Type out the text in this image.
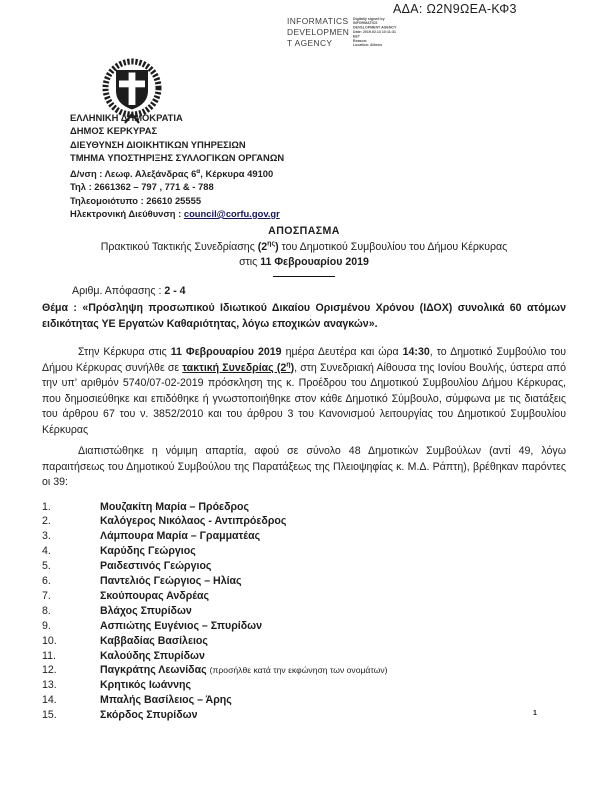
ΑΔΑ: Ω2Ν9ΩΕΑ-ΚΦ3
INFORMATICS
DEVELOPMEN
T AGENCY
Digitally signed by
INFORMATICS
DEVELOPMENT AGENCY
Date: 2019.02.13 10:11:31
EET
Reason:
Location: Athens
ΕΛΛΗΝΙΚΗ ΔΗΜΟΚΡΑΤΙΑ
ΔΗΜΟΣ ΚΕΡΚΥΡΑΣ
ΔΙΕΥΘΥΝΣΗ ΔΙΟΙΚΗΤΙΚΩΝ ΥΠΗΡΕΣΙΩΝ
ΤΜΗΜΑ ΥΠΟΣΤΗΡΙΞΗΣ ΣΥΛΛΟΓΙΚΩΝ ΟΡΓΑΝΩΝ
Δ/νση : Λεωφ. Αλεξάνδρας $6^\alpha$, Κέρκυρα 49100
Τηλ : 2661362 – 797 , 771 & - 788
Τηλεομοιότυπο : 26610 25555
Ηλεκτρονική Διεύθυνση : council@corfu.gov.gr
ΑΠΟΣΠΑΣΜΑ
Πρακτικού Τακτικής Συνεδρίασης $(2^{\eta\varsigma})$ του Δημοτικού Συμβουλίου του Δήμου Κέρκυρας
στις 11 Φεβρουαρίου 2019
Αριθμ. Απόφασης : 2 - 4

Θέμα : «Πρόσληψη προσωπικού Ιδιωτικού Δικαίου Ορισμένου Χρόνου (ΙΔΟΧ) συνολικά 60 ατόμων ειδικότητας ΥΕ Εργατών Καθαριότητας, λόγω εποχικών αναγκών».

Στην Κέρκυρα στις 11 Φεβρουαρίου 2019 ημέρα Δευτέρα και ώρα 14:30, το Δημοτικό Συμβούλιο του Δήμου Κέρκυρας συνήλθε σε τακτική Συνεδρίας $(2^\eta)$, στη Συνεδριακή Αίθουσα της Ιονίου Βουλής, ύστερα από την υπ’ αριθμόν 5740/07-02-2019 πρόσκληση της κ. Προέδρου του Δημοτικού Συμβουλίου Δήμου Κέρκυρας, που δημοσιεύθηκε και επιδόθηκε ή γνωστοποιήθηκε στον κάθε Δημοτικό Σύμβουλο, σύμφωνα με τις διατάξεις του άρθρου 67 του ν. 3852/2010 και του άρθρου 3 του Κανονισμού λειτουργίας του Δημοτικού Συμβουλίου Κέρκυρας

Διαπιστώθηκε η νόμιμη απαρτία, αφού σε σύνολο 48 Δημοτικών Συμβούλων (αντί 49, λόγω παραιτήσεως του Δημοτικού Συμβούλου της Παρατάξεως της Πλειοψηφίας κ. Μ.Δ. Ράπτη), βρέθηκαν παρόντες οι 39:

1.	Μουζακίτη Μαρία – Πρόεδρος
2.	Καλόγερος Νικόλαος - Αντιπρόεδρος
3.	Λάμπουρα Μαρία – Γραμματέας
4.	Καρύδης Γεώργιος
5.	Ραιδεστινός Γεώργιος
6.	Παντελιός Γεώργιος – Ηλίας
7.	Σκούπουρας Ανδρέας
8.	Βλάχος Σπυρίδων
9.	Ασπιώτης Ευγένιος – Σπυρίδων
10.	Καββαδίας Βασίλειος
11.	Καλούδης Σπυρίδων
12.	Παγκράτης Λεωνίδας (προσήλθε κατά την εκφώνηση των ονομάτων)
13.	Κρητικός Ιωάννης
14.	Μπαλής Βασίλειος – Άρης
15.	Σκόρδος Σπυρίδων	1
